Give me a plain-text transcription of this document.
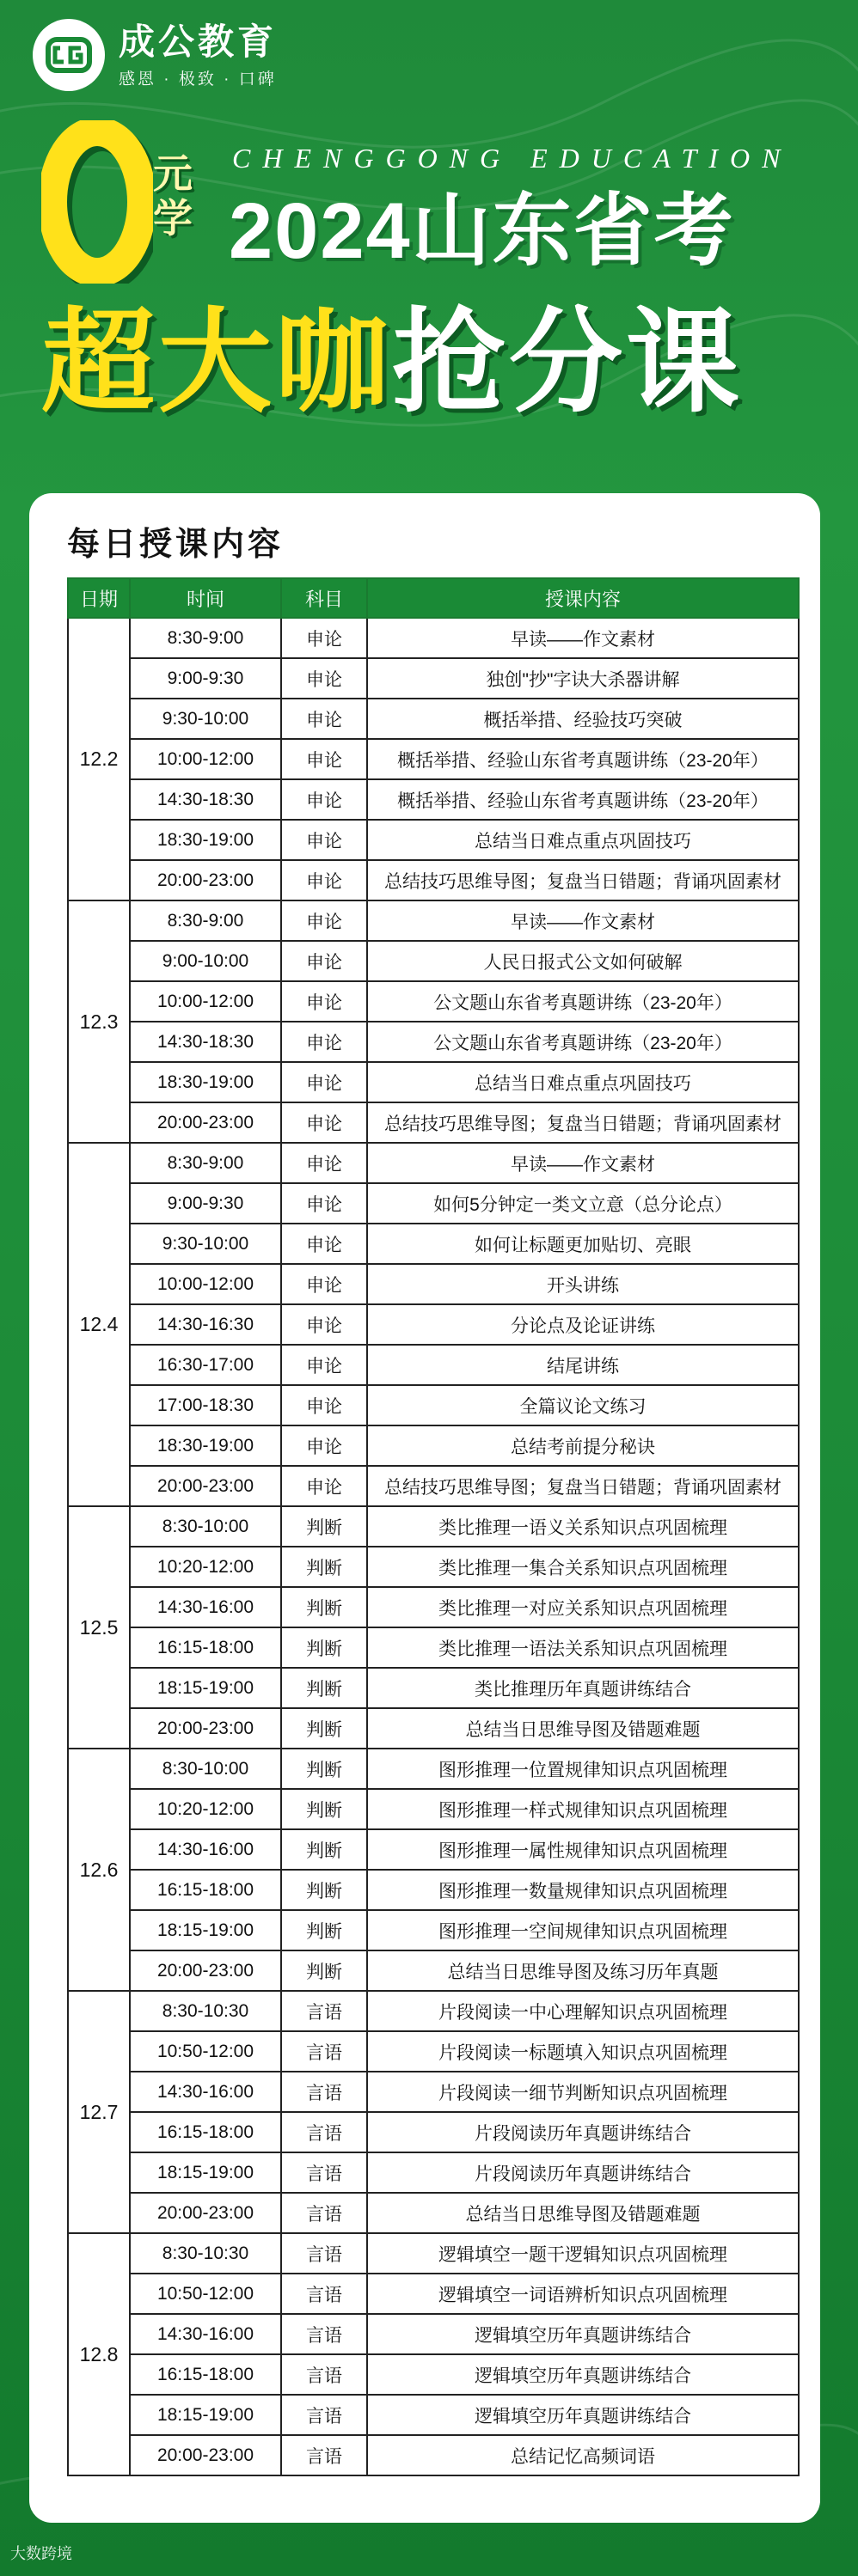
成公教育
感恩 · 极致 · 口碑
0
元
学
CHENGGONG EDUCATION
2024山东省考
超大咖抢分课
每日授课内容
日期	时间	科目	授课内容
12.2	8:30-9:00	申论	早读——作文素材
	9:00-9:30	申论	独创"抄"字诀大杀器讲解
	9:30-10:00	申论	概括举措、经验技巧突破
	10:00-12:00	申论	概括举措、经验山东省考真题讲练（23-20年）
	14:30-18:30	申论	概括举措、经验山东省考真题讲练（23-20年）
	18:30-19:00	申论	总结当日难点重点巩固技巧
	20:00-23:00	申论	总结技巧思维导图；复盘当日错题；背诵巩固素材
12.3	8:30-9:00	申论	早读——作文素材
	9:00-10:00	申论	人民日报式公文如何破解
	10:00-12:00	申论	公文题山东省考真题讲练（23-20年）
	14:30-18:30	申论	公文题山东省考真题讲练（23-20年）
	18:30-19:00	申论	总结当日难点重点巩固技巧
	20:00-23:00	申论	总结技巧思维导图；复盘当日错题；背诵巩固素材
12.4	8:30-9:00	申论	早读——作文素材
	9:00-9:30	申论	如何5分钟定一类文立意（总分论点）
	9:30-10:00	申论	如何让标题更加贴切、亮眼
	10:00-12:00	申论	开头讲练
	14:30-16:30	申论	分论点及论证讲练
	16:30-17:00	申论	结尾讲练
	17:00-18:30	申论	全篇议论文练习
	18:30-19:00	申论	总结考前提分秘诀
	20:00-23:00	申论	总结技巧思维导图；复盘当日错题；背诵巩固素材
12.5	8:30-10:00	判断	类比推理一语义关系知识点巩固梳理
	10:20-12:00	判断	类比推理一集合关系知识点巩固梳理
	14:30-16:00	判断	类比推理一对应关系知识点巩固梳理
	16:15-18:00	判断	类比推理一语法关系知识点巩固梳理
	18:15-19:00	判断	类比推理历年真题讲练结合
	20:00-23:00	判断	总结当日思维导图及错题难题
12.6	8:30-10:00	判断	图形推理一位置规律知识点巩固梳理
	10:20-12:00	判断	图形推理一样式规律知识点巩固梳理
	14:30-16:00	判断	图形推理一属性规律知识点巩固梳理
	16:15-18:00	判断	图形推理一数量规律知识点巩固梳理
	18:15-19:00	判断	图形推理一空间规律知识点巩固梳理
	20:00-23:00	判断	总结当日思维导图及练习历年真题
12.7	8:30-10:30	言语	片段阅读一中心理解知识点巩固梳理
	10:50-12:00	言语	片段阅读一标题填入知识点巩固梳理
	14:30-16:00	言语	片段阅读一细节判断知识点巩固梳理
	16:15-18:00	言语	片段阅读历年真题讲练结合
	18:15-19:00	言语	片段阅读历年真题讲练结合
	20:00-23:00	言语	总结当日思维导图及错题难题
12.8	8:30-10:30	言语	逻辑填空一题干逻辑知识点巩固梳理
	10:50-12:00	言语	逻辑填空一词语辨析知识点巩固梳理
	14:30-16:00	言语	逻辑填空历年真题讲练结合
	16:15-18:00	言语	逻辑填空历年真题讲练结合
	18:15-19:00	言语	逻辑填空历年真题讲练结合
	20:00-23:00	言语	总结记忆高频词语
大数跨境
